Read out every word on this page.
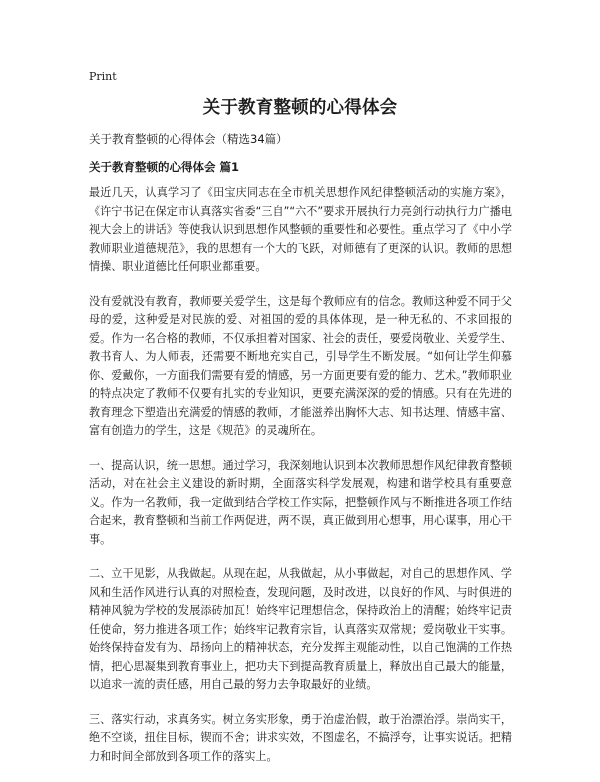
Print
关于教育整顿的心得体会
关于教育整顿的心得体会（精选34篇）
关于教育整顿的心得体会 篇1

最近几天，认真学习了《田宝庆同志在全市机关思想作风纪律整顿活动的实施方案》，《许宁书记在保定市认真落实省委“三自”“六不”要求开展执行力亮剑行动执行力广播电视大会上的讲话》等使我认识到思想作风整顿的重要性和必要性。重点学习了《中小学教师职业道德规范》，我的思想有一个大的飞跃，对师德有了更深的认识。教师的思想情操、职业道德比任何职业都重要。

没有爱就没有教育，教师要关爱学生，这是每个教师应有的信念。教师这种爱不同于父母的爱，这种爱是对民族的爱、对祖国的爱的具体体现，是一种无私的、不求回报的爱。作为一名合格的教师，不仅承担着对国家、社会的责任，要爱岗敬业、关爱学生、教书育人、为人师表，还需要不断地充实自己，引导学生不断发展。“如何让学生仰慕你、爱戴你，一方面我们需要有爱的情感，另一方面更要有爱的能力、艺术。”教师职业的特点决定了教师不仅要有扎实的专业知识，更要充满深深的爱的情感。只有在先进的教育理念下塑造出充满爱的情感的教师，才能滋养出胸怀大志、知书达理、情感丰富、富有创造力的学生，这是《规范》的灵魂所在。

一、提高认识，统一思想。通过学习，我深刻地认识到本次教师思想作风纪律教育整顿活动，对在社会主义建设的新时期，全面落实科学发展观，构建和谐学校具有重要意义。作为一名教师，我一定做到结合学校工作实际，把整顿作风与不断推进各项工作结合起来，教育整顿和当前工作两促进，两不误，真正做到用心想事，用心谋事，用心干事。

二、立干见影，从我做起。从现在起，从我做起，从小事做起，对自己的思想作风、学风和生活作风进行认真的对照检查，发现问题，及时改进，以良好的作风、与时俱进的精神风貌为学校的发展添砖加瓦！始终牢记理想信念，保持政治上的清醒；始终牢记责任使命，努力推进各项工作；始终牢记教育宗旨，认真落实双常规；爱岗敬业干实事。始终保持奋发有为、昂扬向上的精神状态，充分发挥主观能动性，以自己饱满的工作热情，把心思凝集到教育事业上，把功夫下到提高教育质量上，释放出自己最大的能量，以追求一流的责任感，用自己最的努力去争取最好的业绩。

三、落实行动，求真务实。树立务实形象，勇于治虚治假，敢于治漂治浮。崇尚实干，绝不空谈，扭住目标，锲而不舍；讲求实效，不图虚名，不搞浮夸，让事实说话。把精力和时间全部放到各项工作的落实上。
